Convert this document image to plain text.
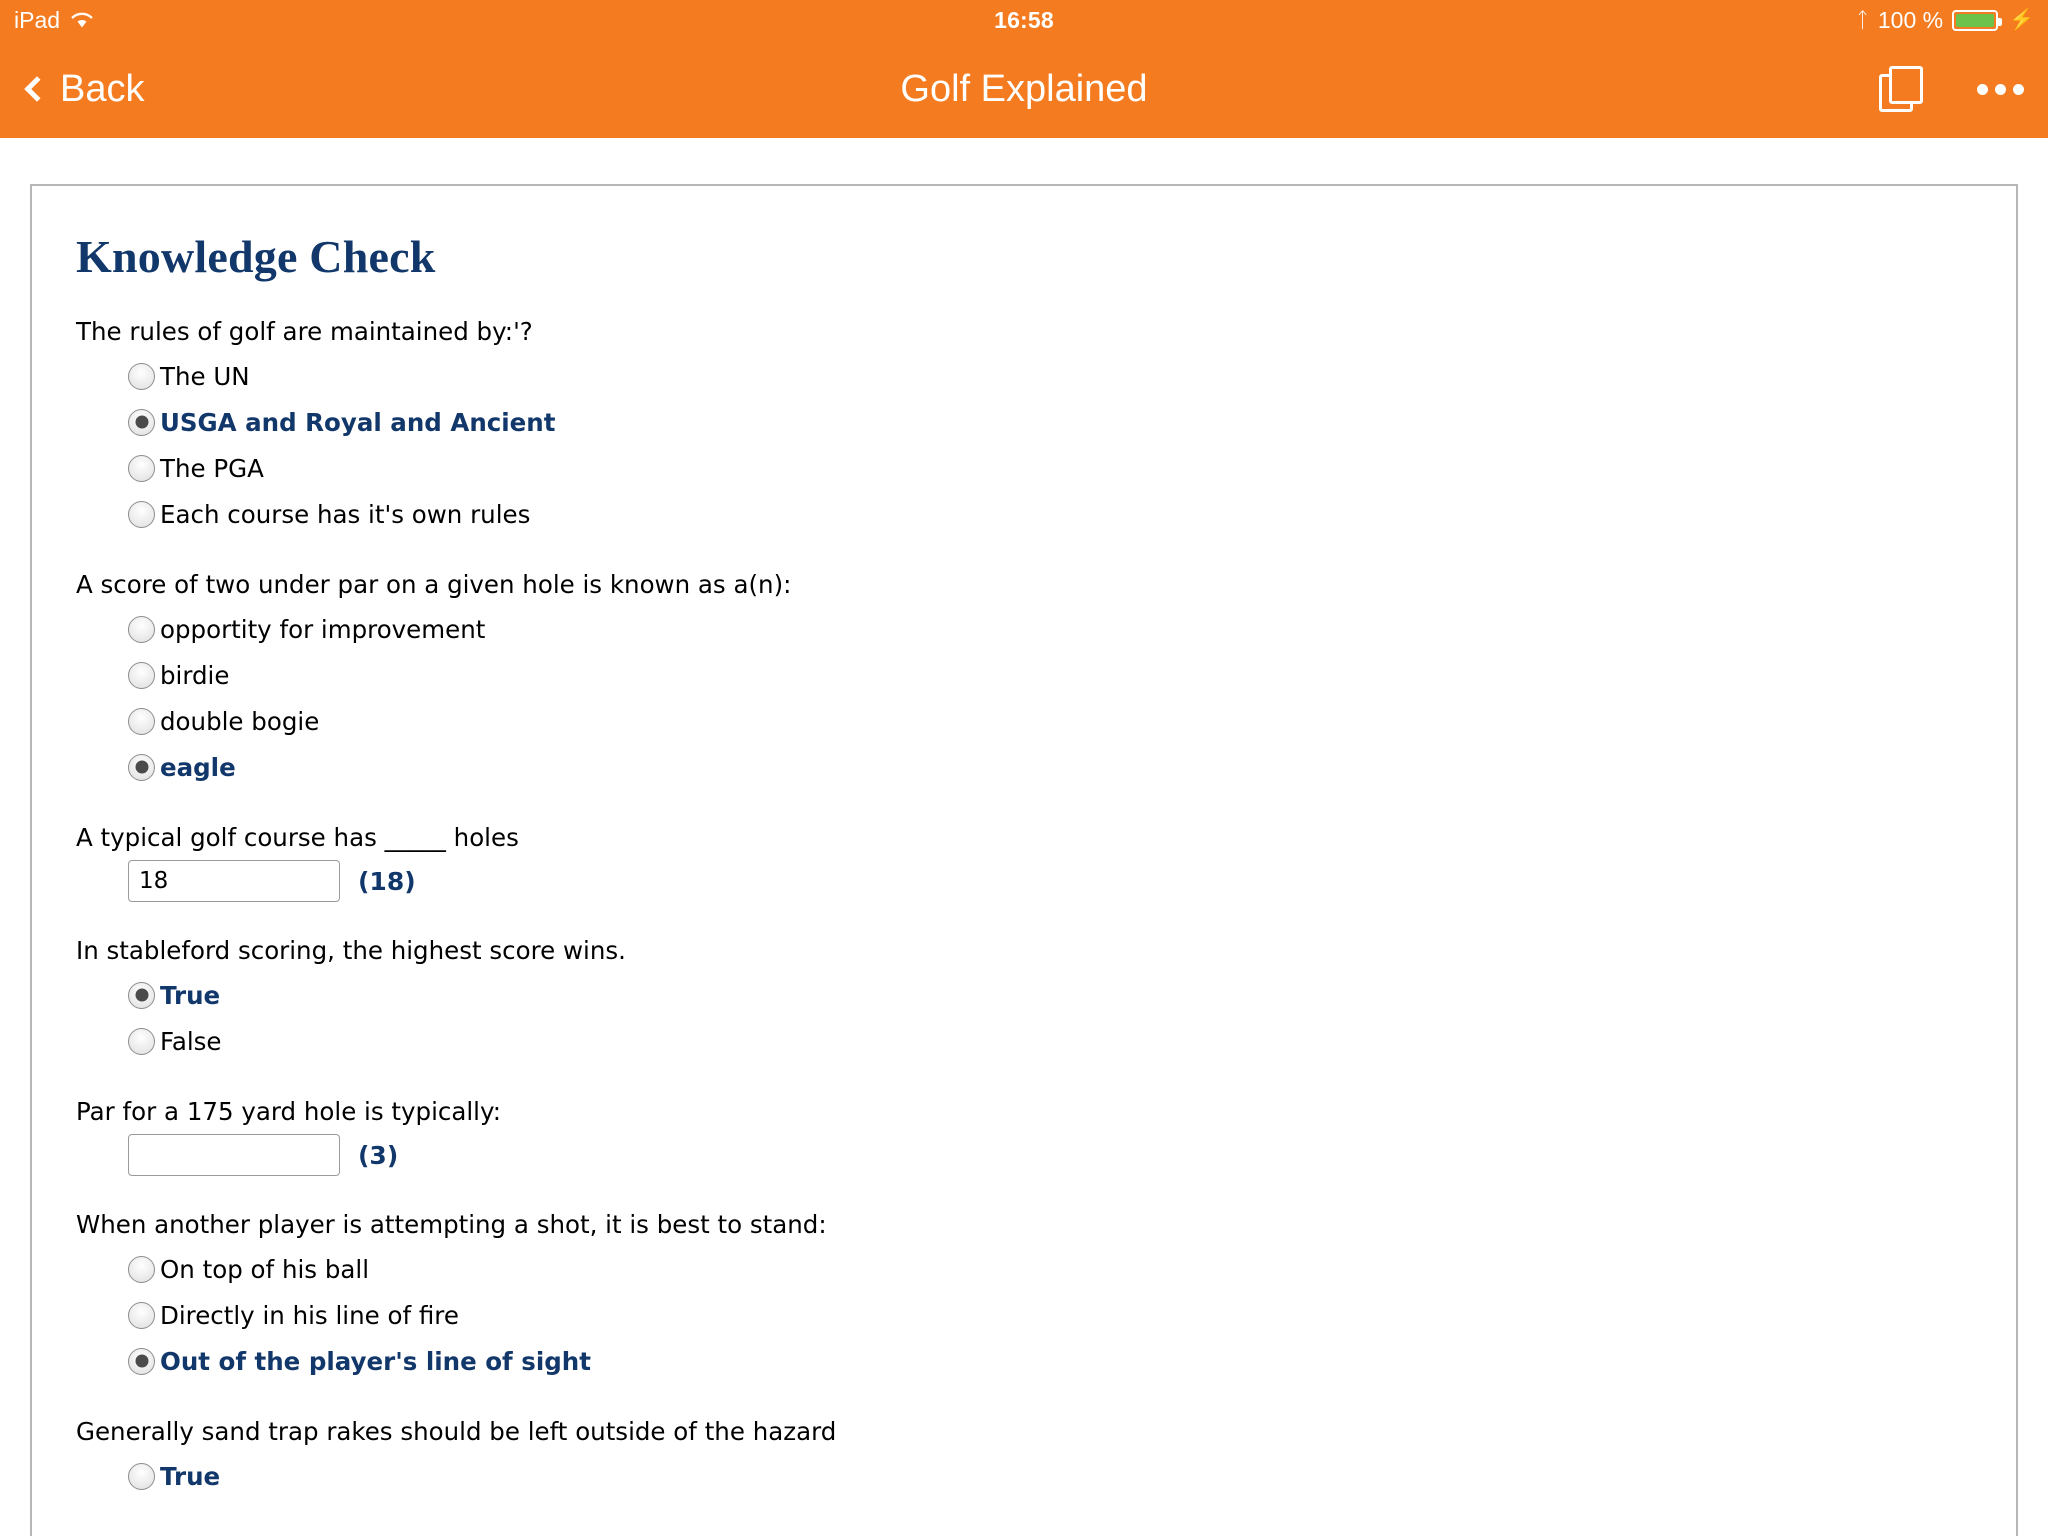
iPad	16:58	ᛏ 100 %	⚡
Back	Golf Explained
Knowledge Check
The rules of golf are maintained by:'?
The UN
USGA and Royal and Ancient
The PGA
Each course has it's own rules
A score of two under par on a given hole is known as a(n):
opportity for improvement
birdie
double bogie
eagle
A typical golf course has _____ holes
18
(18)
In stableford scoring, the highest score wins.
True
False
Par for a 175 yard hole is typically:
(3)
When another player is attempting a shot, it is best to stand:
On top of his ball
Directly in his line of fire
Out of the player's line of sight
Generally sand trap rakes should be left outside of the hazard
True
